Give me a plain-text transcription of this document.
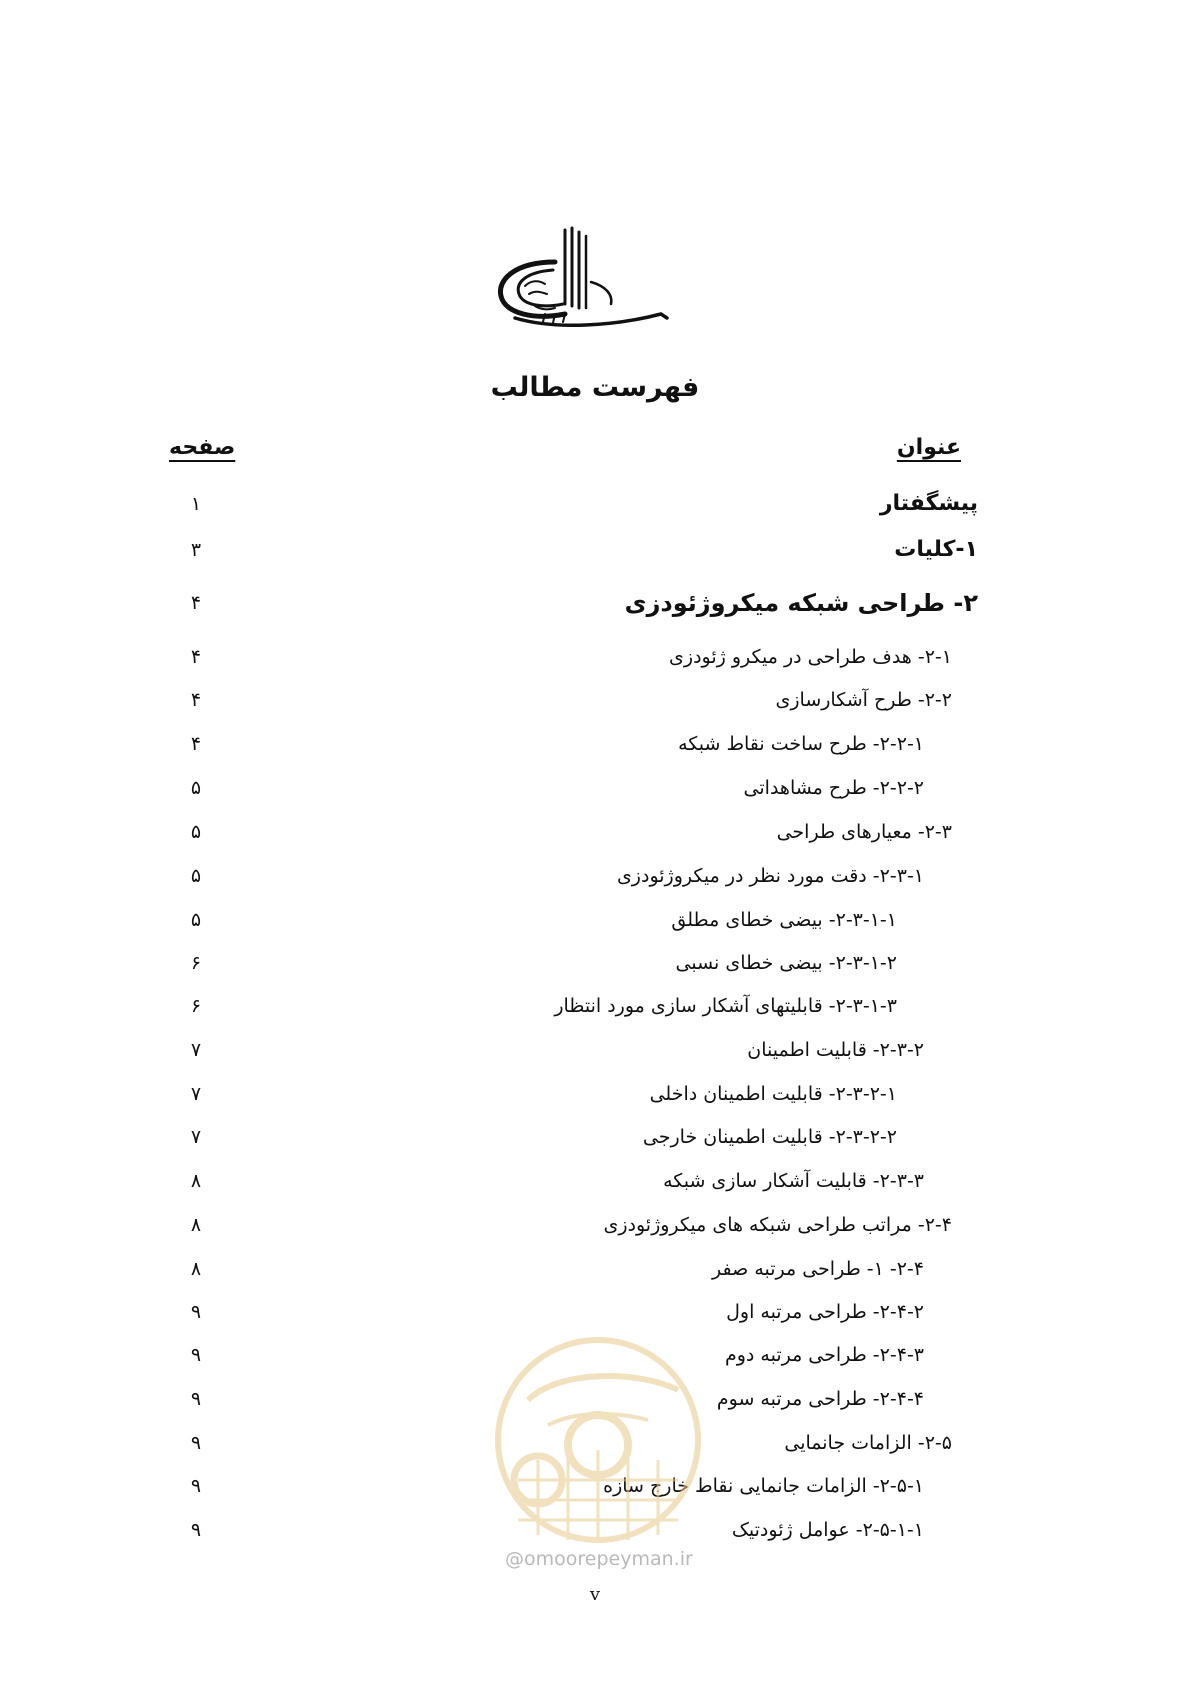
فهرست مطالب
عنوان
صفحه
پیشگفتار
۱
۱-کلیات
۳
۲- طراحی شبکه میکروژئودزی
۴
۲-۱- هدف طراحی در میکرو ژئودزی
۴
۲-۲- طرح آشکارسازی
۴
۲-۲-۱- طرح ساخت نقاط شبکه
۴
۲-۲-۲- طرح مشاهداتی
۵
۲-۳- معیارهای طراحی
۵
۲-۳-۱- دقت مورد نظر در میکروژئودزی
۵
۲-۳-۱-۱- بیضی خطای مطلق
۵
۲-۳-۱-۲- بیضی خطای نسبی
۶
۲-۳-۱-۳- قابلیتهای آشکار سازی مورد انتظار
۶
۲-۳-۲- قابلیت اطمینان
۷
۲-۳-۲-۱- قابلیت اطمینان داخلی
۷
۲-۳-۲-۲- قابلیت اطمینان خارجی
۷
۲-۳-۳- قابلیت آشکار سازی شبکه
۸
۲-۴- مراتب طراحی شبکه های میکروژئودزی
۸
۲-۴- ۱- طراحی مرتبه صفر
۸
۲-۴-۲- طراحی مرتبه اول
۹
۲-۴-۳- طراحی مرتبه دوم
۹
۲-۴-۴- طراحی مرتبه سوم
۹
۲-۵- الزامات جانمایی
۹
۲-۵-۱- الزامات جانمایی نقاط خارج سازه
۹
۲-۵-۱-۱- عوامل ژئودتیک
۹
@omoorepeyman.ir
v
